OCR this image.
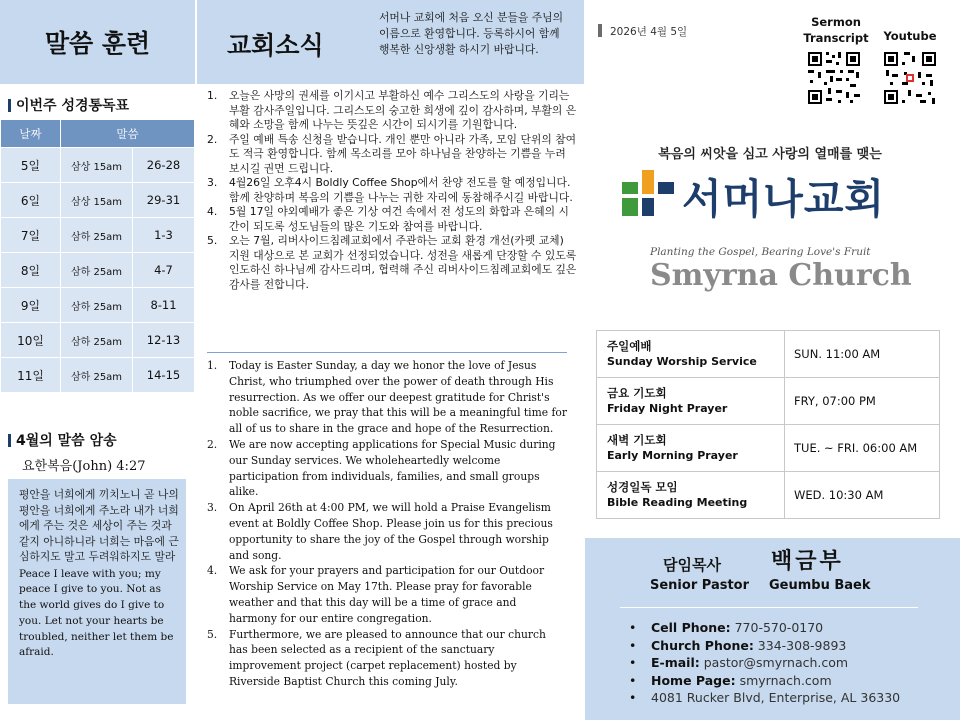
말씀 훈련
이번주 성경통독표
날짜	말씀	
5일	삼상 15am	26-28
6일	삼상 15am	29-31
7일	삼하 25am	1-3
8일	삼하 25am	4-7
9일	삼하 25am	8-11
10일	삼하 25am	12-13
11일	삼하 25am	14-15
4월의 말씀 암송
요한복음(John) 4:27
평안을 너희에게 끼치노니 곧 나의 평안을 너희에게 주노라 내가 너희에게 주는 것은 세상이 주는 것과 같지 아니하니라 너희는 마음에 근심하지도 말고 두려워하지도 말라
Peace I leave with you; my peace I give to you. Not as the world gives do I give to you. Let not your hearts be troubled, neither let them be afraid.
교회소식
서머나 교회에 처음 오신 분들을 주님의 이름으로 환영합니다. 등록하시어 함께 행복한 신앙생활 하시기 바랍니다.
1.	오늘은 사망의 권세를 이기시고 부활하신 예수 그리스도의 사랑을 기리는 부활 감사주일입니다. 그리스도의 숭고한 희생에 깊이 감사하며, 부활의 은혜와 소망을 함께 나누는 뜻깊은 시간이 되시기를 기원합니다.
2.	주일 예배 특송 신청을 받습니다. 개인 뿐만 아니라 가족, 모임 단위의 참여도 적극 환영합니다. 함께 목소리를 모아 하나님을 찬양하는 기쁨을 누려 보시길 권면 드립니다.
3.	4월26일 오후4시 Boldly Coffee Shop에서 찬양 전도를 할 예정입니다. 함께 찬양하며 복음의 기쁨을 나누는 귀한 자리에 동참해주시길 바랍니다.
4.	5월 17일 야외예배가 좋은 기상 여건 속에서 전 성도의 화합과 은혜의 시간이 되도록 성도님들의 많은 기도와 참여를 바랍니다.
5.	오는 7월, 리버사이드침례교회에서 주관하는 교회 환경 개선(카펫 교체) 지원 대상으로 본 교회가 선정되었습니다. 성전을 새롭게 단장할 수 있도록 인도하신 하나님께 감사드리며, 협력해 주신 리버사이드침례교회에도 깊은 감사를 전합니다.
1.	Today is Easter Sunday, a day we honor the love of Jesus Christ, who triumphed over the power of death through His resurrection. As we offer our deepest gratitude for Christ's noble sacrifice, we pray that this will be a meaningful time for all of us to share in the grace and hope of the Resurrection.
2.	We are now accepting applications for Special Music during our Sunday services. We wholeheartedly welcome participation from individuals, families, and small groups alike.
3.	On April 26th at 4:00 PM, we will hold a Praise Evangelism event at Boldly Coffee Shop. Please join us for this precious opportunity to share the joy of the Gospel through worship and song.
4.	We ask for your prayers and participation for our Outdoor Worship Service on May 17th. Please pray for favorable weather and that this day will be a time of grace and harmony for our entire congregation.
5.	Furthermore, we are pleased to announce that our church has been selected as a recipient of the sanctuary improvement project (carpet replacement) hosted by Riverside Baptist Church this coming July.
2026년 4월 5일
Sermon Transcript	Youtube
복음의 씨앗을 심고 사랑의 열매를 맺는
서머나교회
Planting the Gospel, Bearing Love's Fruit
Smyrna Church
주일예배
Sunday Worship Service	SUN. 11:00 AM

금요 기도회
Friday Night Prayer	FRY, 07:00 PM

새벽 기도회
Early Morning Prayer	TUE. ~ FRI. 06:00 AM

성경일독 모임
Bible Reading Meeting	WED. 10:30 AM
담임목사 백금부
Senior Pastor Geumbu Baek
•	Cell Phone: 770-570-0170
•	Church Phone: 334-308-9893
•	E-mail: pastor@smyrnach.com
•	Home Page: smyrnach.com
•	4081 Rucker Blvd, Enterprise, AL 36330
